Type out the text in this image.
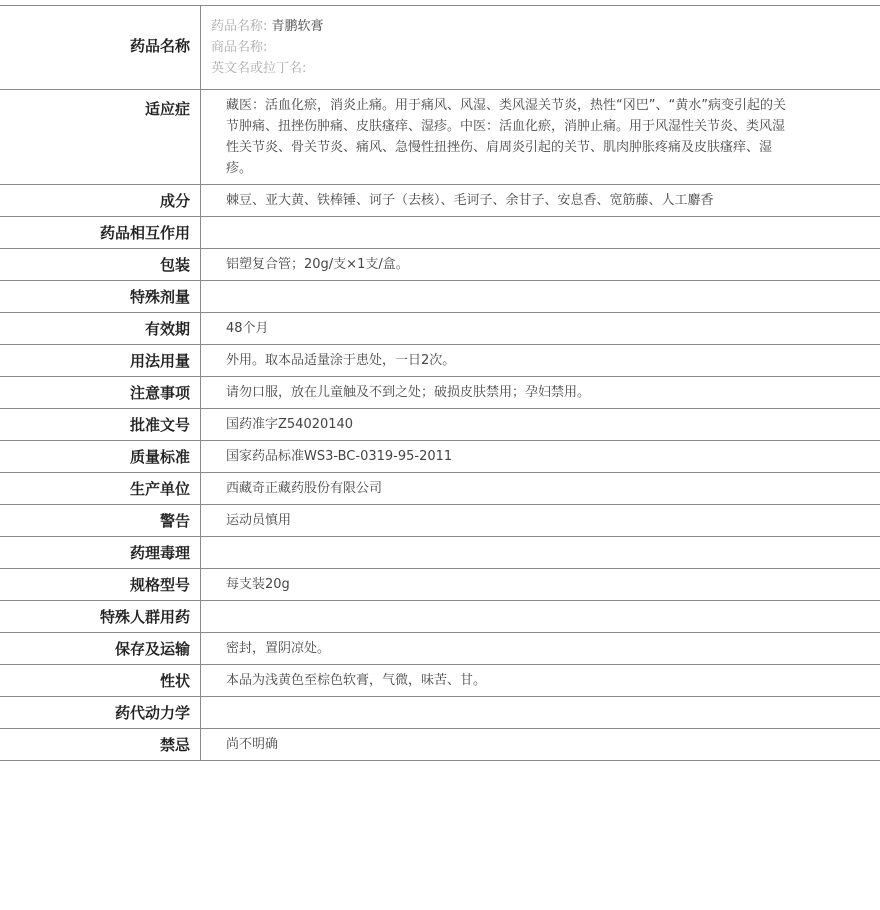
药品名称	药品名称: 青鹏软膏
商品名称:
英文名或拉丁名:

适应症	藏医：活血化瘀，消炎止痛。用于痛风、风湿、类风湿关节炎，热性“冈巴”、“黄水”病变引起的关节肿痛、扭挫伤肿痛、皮肤瘙痒、湿疹。中医：活血化瘀，消肿止痛。用于风湿性关节炎、类风湿性关节炎、骨关节炎、痛风、急慢性扭挫伤、肩周炎引起的关节、肌肉肿胀疼痛及皮肤瘙痒、湿疹。
成分	棘豆、亚大黄、铁棒锤、诃子（去核）、毛诃子、余甘子、安息香、宽筋藤、人工麝香
药品相互作用	
包装	铝塑复合管；20g/支×1支/盒。
特殊剂量	
有效期	48个月
用法用量	外用。取本品适量涂于患处，一日2次。
注意事项	请勿口服，放在儿童触及不到之处；破损皮肤禁用；孕妇禁用。
批准文号	国药准字Z54020140
质量标准	国家药品标准WS3-BC-0319-95-2011
生产单位	西藏奇正藏药股份有限公司
警告	运动员慎用
药理毒理	
规格型号	每支装20g
特殊人群用药	
保存及运输	密封，置阴凉处。
性状	本品为浅黄色至棕色软膏，气微，味苦、甘。
药代动力学	
禁忌	尚不明确
